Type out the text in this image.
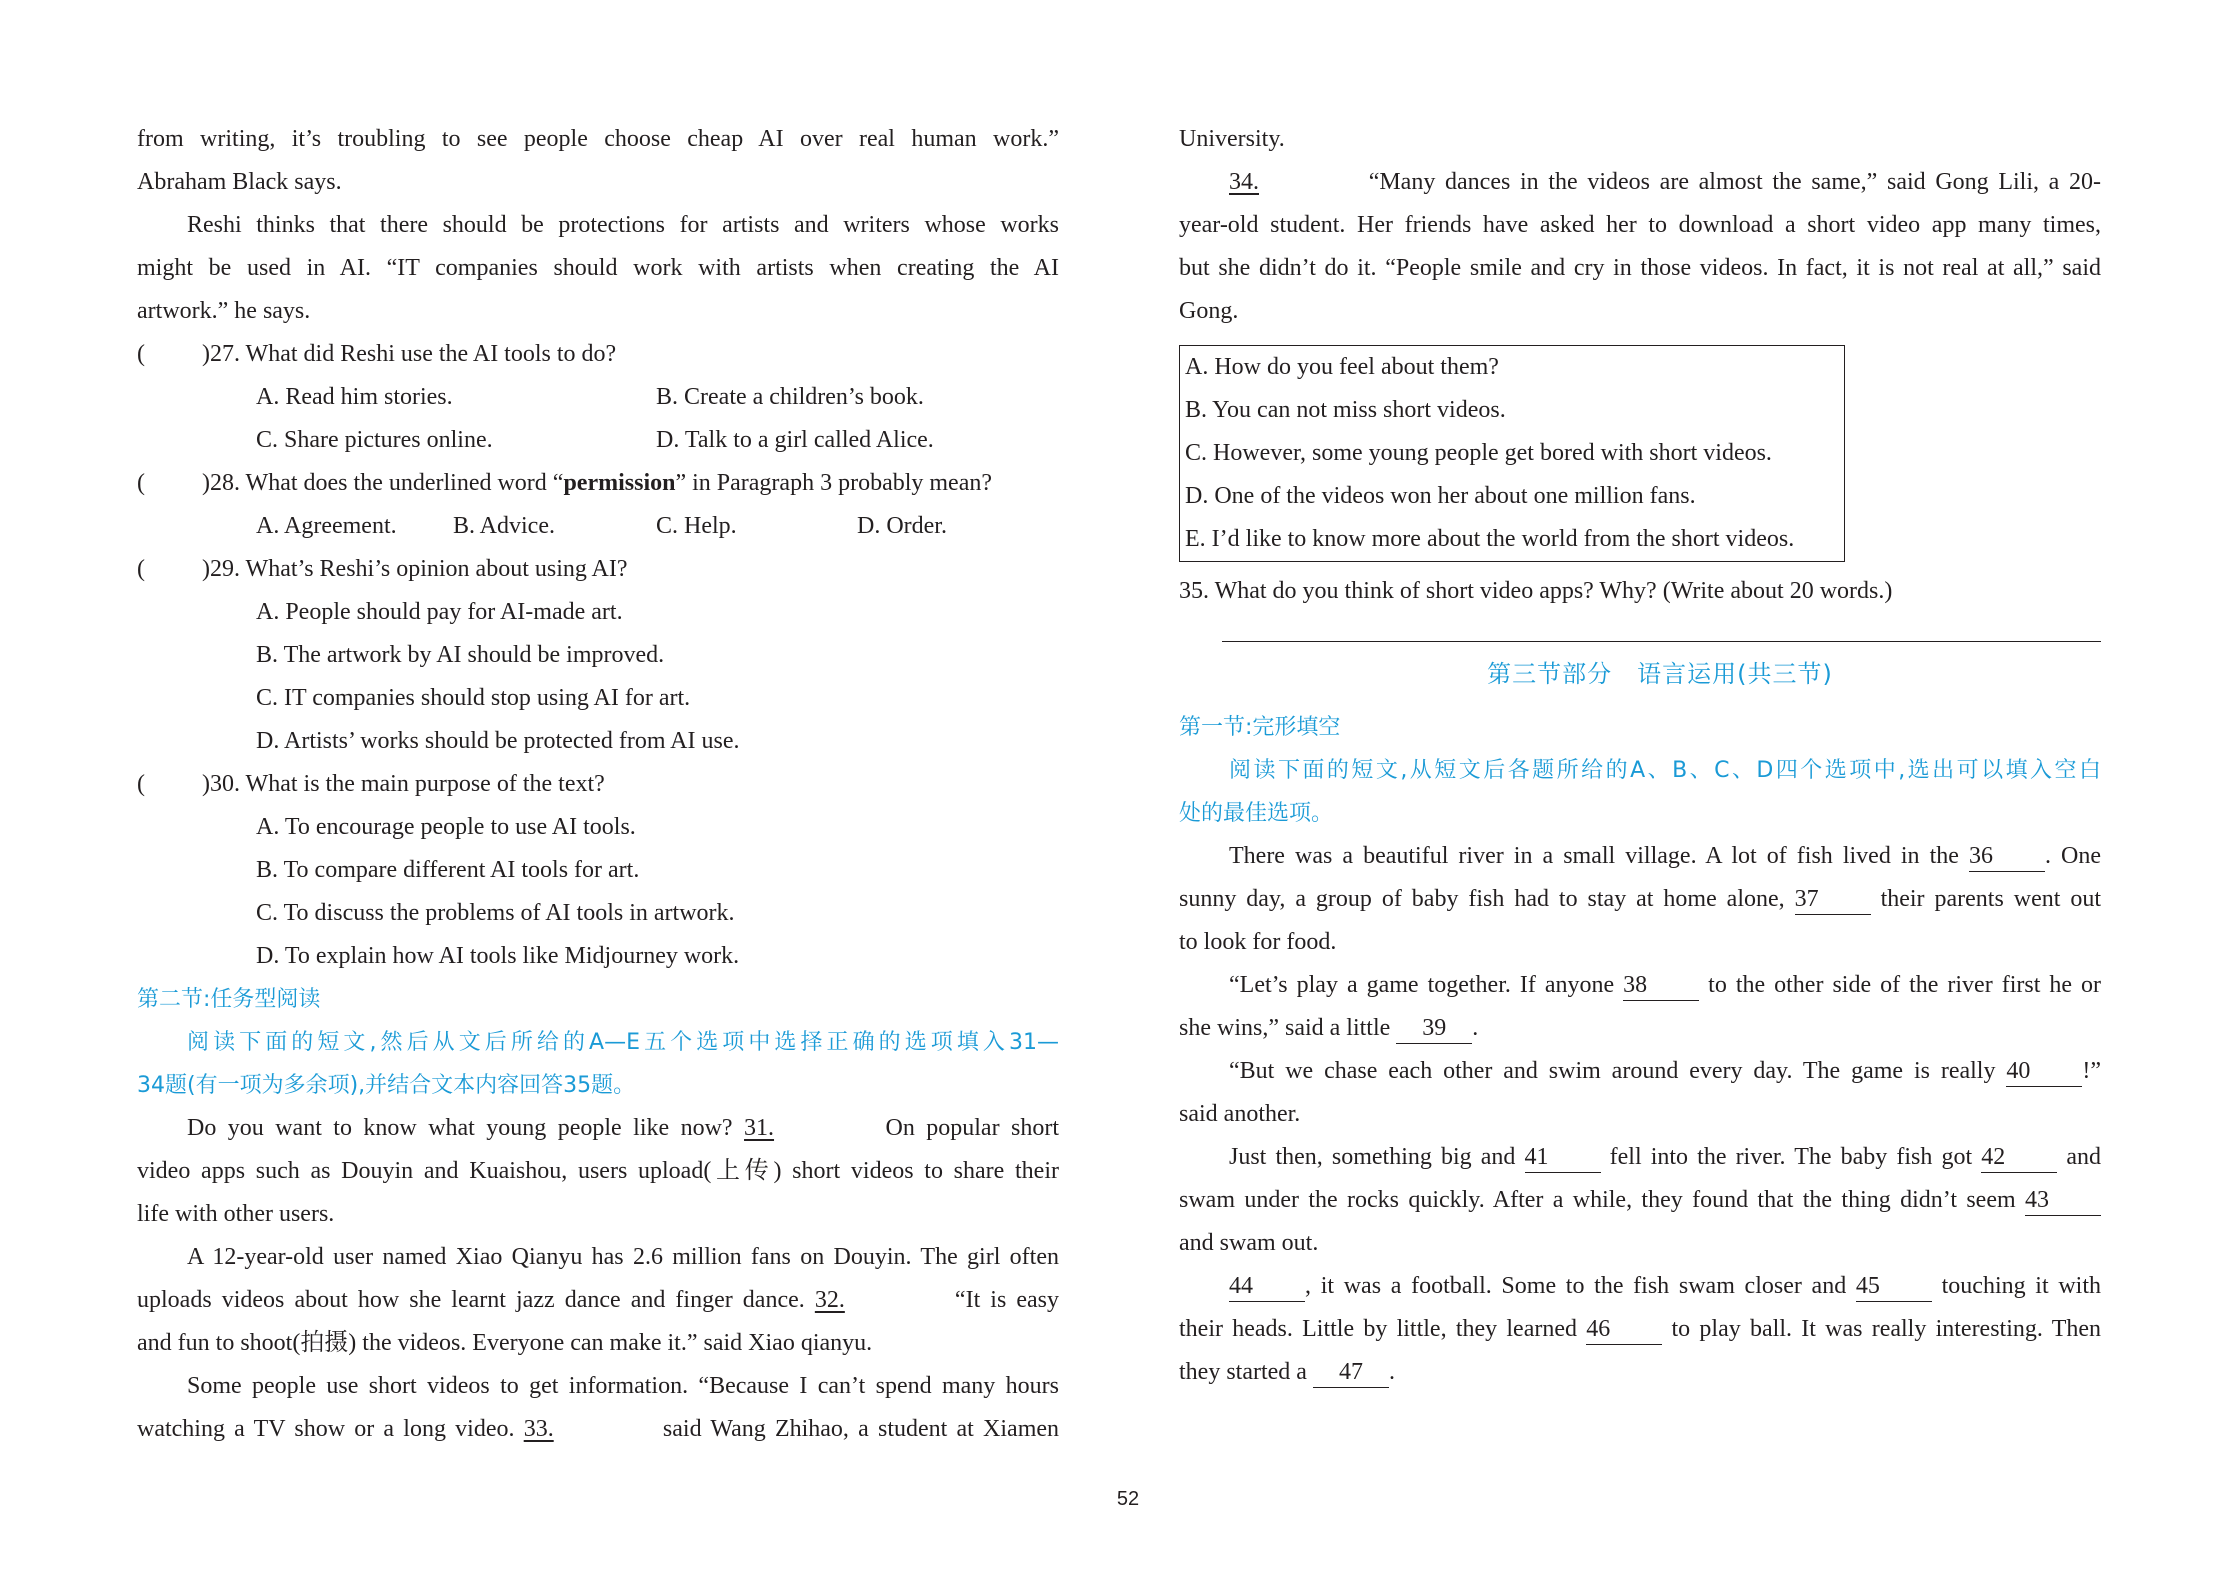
from writing, it’s troubling to see people choose cheap AI over real human work.”
Abraham Black says.
Reshi thinks that there should be protections for artists and writers whose works
might be used in AI. “IT companies should work with artists when creating the AI
artwork.” he says.
( )27. What did Reshi use the AI tools to do?
A. Read him stories.	B. Create a children’s book.
C. Share pictures online.	D. Talk to a girl called Alice.
( )28. What does the underlined word “permission” in Paragraph 3 probably mean?
A. Agreement. B. Advice.	C. Help.	D. Order.
( )29. What’s Reshi’s opinion about using AI?
A. People should pay for AI-made art.
B. The artwork by AI should be improved.
C. IT companies should stop using AI for art.
D. Artists’ works should be protected from AI use.
( )30. What is the main purpose of the text?
A. To encourage people to use AI tools.
B. To compare different AI tools for art.
C. To discuss the problems of AI tools in artwork.
D. To explain how AI tools like Midjourney work.
第二节:任务型阅读
阅读下面的短文,然后从文后所给的A—E五个选项中选择正确的选项填入31—
34题(有一项为多余项),并结合文本内容回答35题。
Do you want to know what young people like now? 31.	On popular short
video apps such as Douyin and Kuaishou, users upload(上传) short videos to share their
life with other users.
A 12-year-old user named Xiao Qianyu has 2.6 million fans on Douyin. The girl often
uploads videos about how she learnt jazz dance and finger dance. 32.	“It is easy
and fun to shoot(拍摄) the videos. Everyone can make it.” said Xiao qianyu.
Some people use short videos to get information. “Because I can’t spend many hours
watching a TV show or a long video. 33.	said Wang Zhihao, a student at Xiamen
University.
34.	“Many dances in the videos are almost the same,” said Gong Lili, a 20-
year-old student. Her friends have asked her to download a short video app many times,
but she didn’t do it. “People smile and cry in those videos. In fact, it is not real at all,” said
Gong.
A. How do you feel about them?
B. You can not miss short videos.
C. However, some young people get bored with short videos.
D. One of the videos won her about one million fans.
E. I’d like to know more about the world from the short videos.
35. What do you think of short video apps? Why? (Write about 20 words.)
第三节部分　语言运用(共三节)
第一节:完形填空
阅读下面的短文,从短文后各题所给的A、B、C、D四个选项中,选出可以填入空白
处的最佳选项。
There was a beautiful river in a small village. A lot of fish lived in the 36 . One
sunny day, a group of baby fish had to stay at home alone, 37	their parents went out
to look for food.
“Let’s play a game together. If anyone 38	to the other side of the river first he or
she wins,” said a little 39 .
“But we chase each other and swim around every day. The game is really 40 !”
said another.
Just then, something big and 41	fell into the river. The baby fish got 42	and
swam under the rocks quickly. After a while, they found that the thing didn’t seem 43
and swam out.
44 , it was a football. Some to the fish swam closer and 45	touching it with
their heads. Little by little, they learned 46	to play ball. It was really interesting. Then
they started a 47 .
52
